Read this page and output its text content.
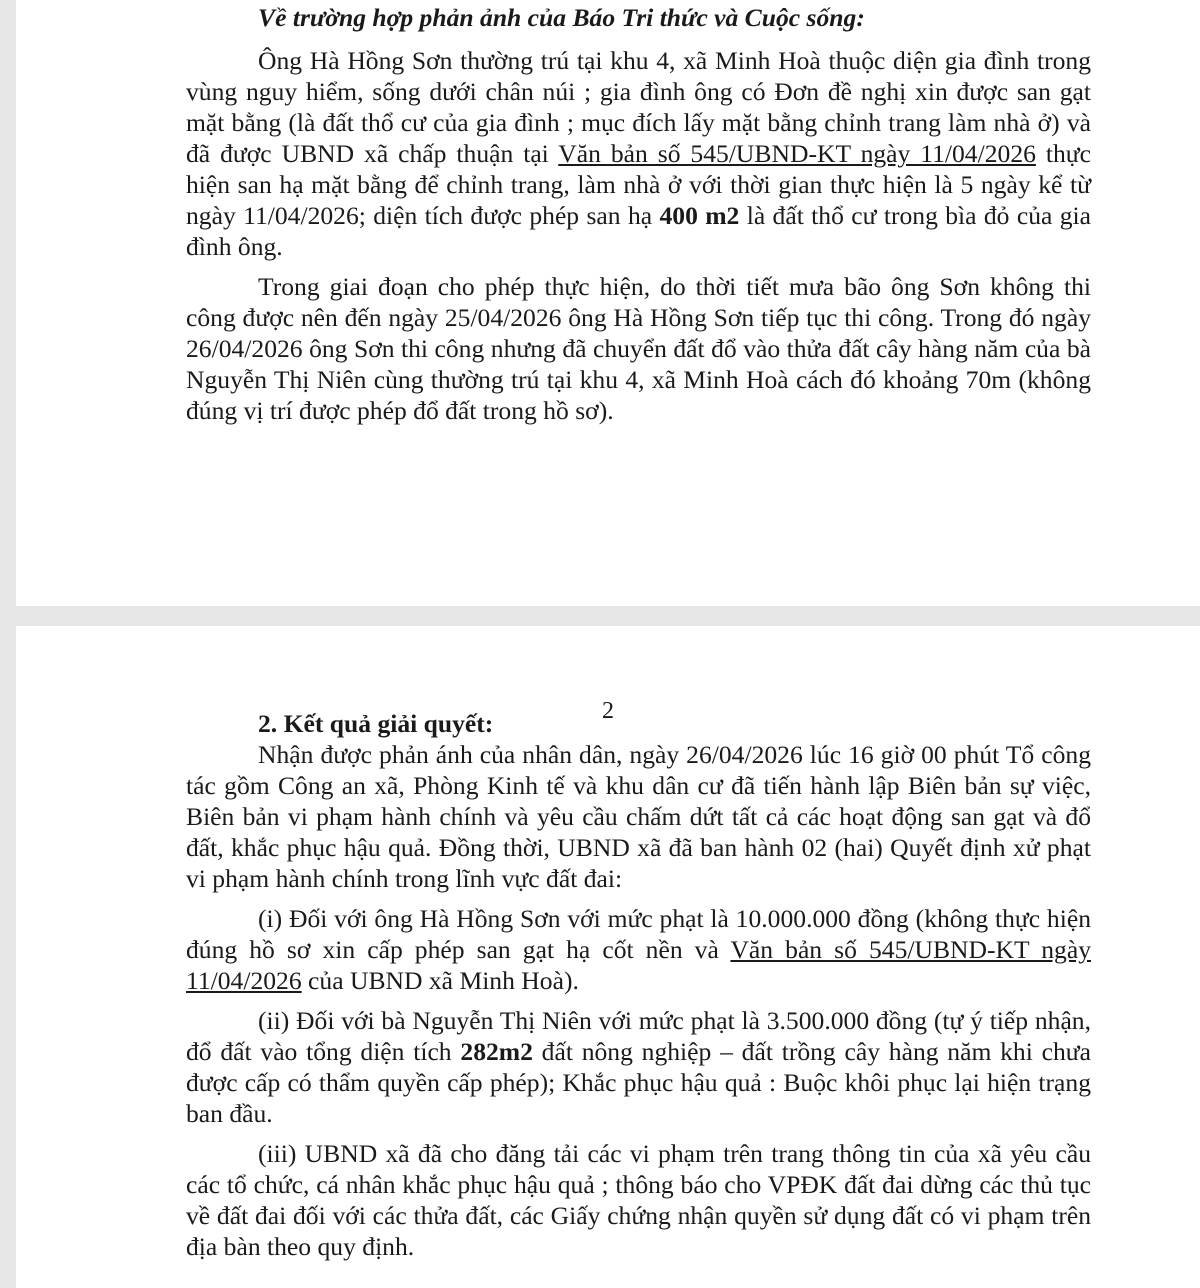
Về trường hợp phản ảnh của Báo Tri thức và Cuộc sống:

Ông Hà Hồng Sơn thường trú tại khu 4, xã Minh Hoà thuộc diện gia đình trong vùng nguy hiểm, sống dưới chân núi ; gia đình ông có Đơn đề nghị xin được san gạt mặt bằng (là đất thổ cư của gia đình ; mục đích lấy mặt bằng chỉnh trang làm nhà ở) và đã được UBND xã chấp thuận tại Văn bản số 545/UBND-KT ngày 11/04/2026 thực hiện san hạ mặt bằng để chỉnh trang, làm nhà ở với thời gian thực hiện là 5 ngày kể từ ngày 11/04/2026; diện tích được phép san hạ 400 m2 là đất thổ cư trong bìa đỏ của gia đình ông.

Trong giai đoạn cho phép thực hiện, do thời tiết mưa bão ông Sơn không thi công được nên đến ngày 25/04/2026 ông Hà Hồng Sơn tiếp tục thi công. Trong đó ngày 26/04/2026 ông Sơn thi công nhưng đã chuyển đất đổ vào thửa đất cây hàng năm của bà Nguyễn Thị Niên cùng thường trú tại khu 4, xã Minh Hoà cách đó khoảng 70m (không đúng vị trí được phép đổ đất trong hồ sơ).

2
2. Kết quả giải quyết:

Nhận được phản ánh của nhân dân, ngày 26/04/2026 lúc 16 giờ 00 phút Tổ công tác gồm Công an xã, Phòng Kinh tế và khu dân cư đã tiến hành lập Biên bản sự việc, Biên bản vi phạm hành chính và yêu cầu chấm dứt tất cả các hoạt động san gạt và đổ đất, khắc phục hậu quả. Đồng thời, UBND xã đã ban hành 02 (hai) Quyết định xử phạt vi phạm hành chính trong lĩnh vực đất đai:

(i) Đối với ông Hà Hồng Sơn với mức phạt là 10.000.000 đồng (không thực hiện đúng hồ sơ xin cấp phép san gạt hạ cốt nền và Văn bản số 545/UBND-KT ngày 11/04/2026 của UBND xã Minh Hoà).

(ii) Đối với bà Nguyễn Thị Niên với mức phạt là 3.500.000 đồng (tự ý tiếp nhận, đổ đất vào tổng diện tích 282m2 đất nông nghiệp – đất trồng cây hàng năm khi chưa được cấp có thẩm quyền cấp phép); Khắc phục hậu quả : Buộc khôi phục lại hiện trạng ban đầu.

(iii) UBND xã đã cho đăng tải các vi phạm trên trang thông tin của xã yêu cầu các tổ chức, cá nhân khắc phục hậu quả ; thông báo cho VPĐK đất đai dừng các thủ tục về đất đai đối với các thửa đất, các Giấy chứng nhận quyền sử dụng đất có vi phạm trên địa bàn theo quy định.
